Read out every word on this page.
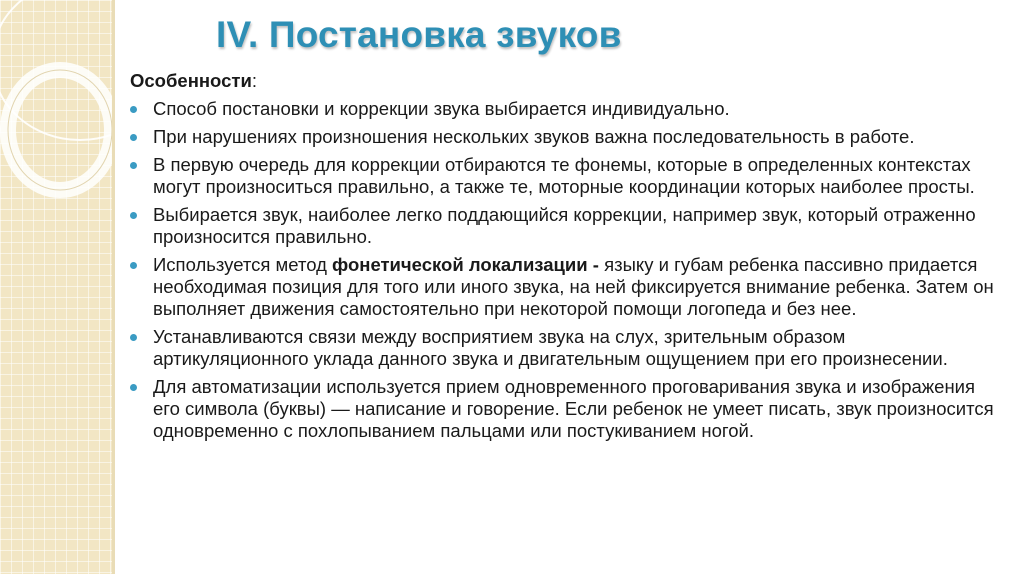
IV. Постановка звуков

Особенности:

Способ постановки и коррекции звука выбирается индивидуально.
При нарушениях произношения нескольких звуков важна последовательность в работе.
В первую очередь для коррекции отбираются те фонемы, которые в определенных контекстах могут произноситься правильно, а также те, моторные координации которых наиболее просты.
Выбирается звук, наиболее легко поддающийся коррекции, например звук, который отраженно произносится правильно.
Используется метод фонетической локализации - языку и губам ребенка пассивно придается необходимая позиция для того или иного звука, на ней фиксируется внимание ребенка. Затем он выполняет движения самостоятельно при некоторой помощи логопеда и без нее.
Устанавливаются связи между восприятием звука на слух, зрительным образом артикуляционного уклада данного звука и двигательным ощущением при его произнесении.
Для автоматизации используется прием одновременного проговаривания звука и изображения его символа (буквы) — написание и говорение. Если ребенок не умеет писать, звук произносится одновременно с похлопыванием пальцами или постукиванием ногой.
